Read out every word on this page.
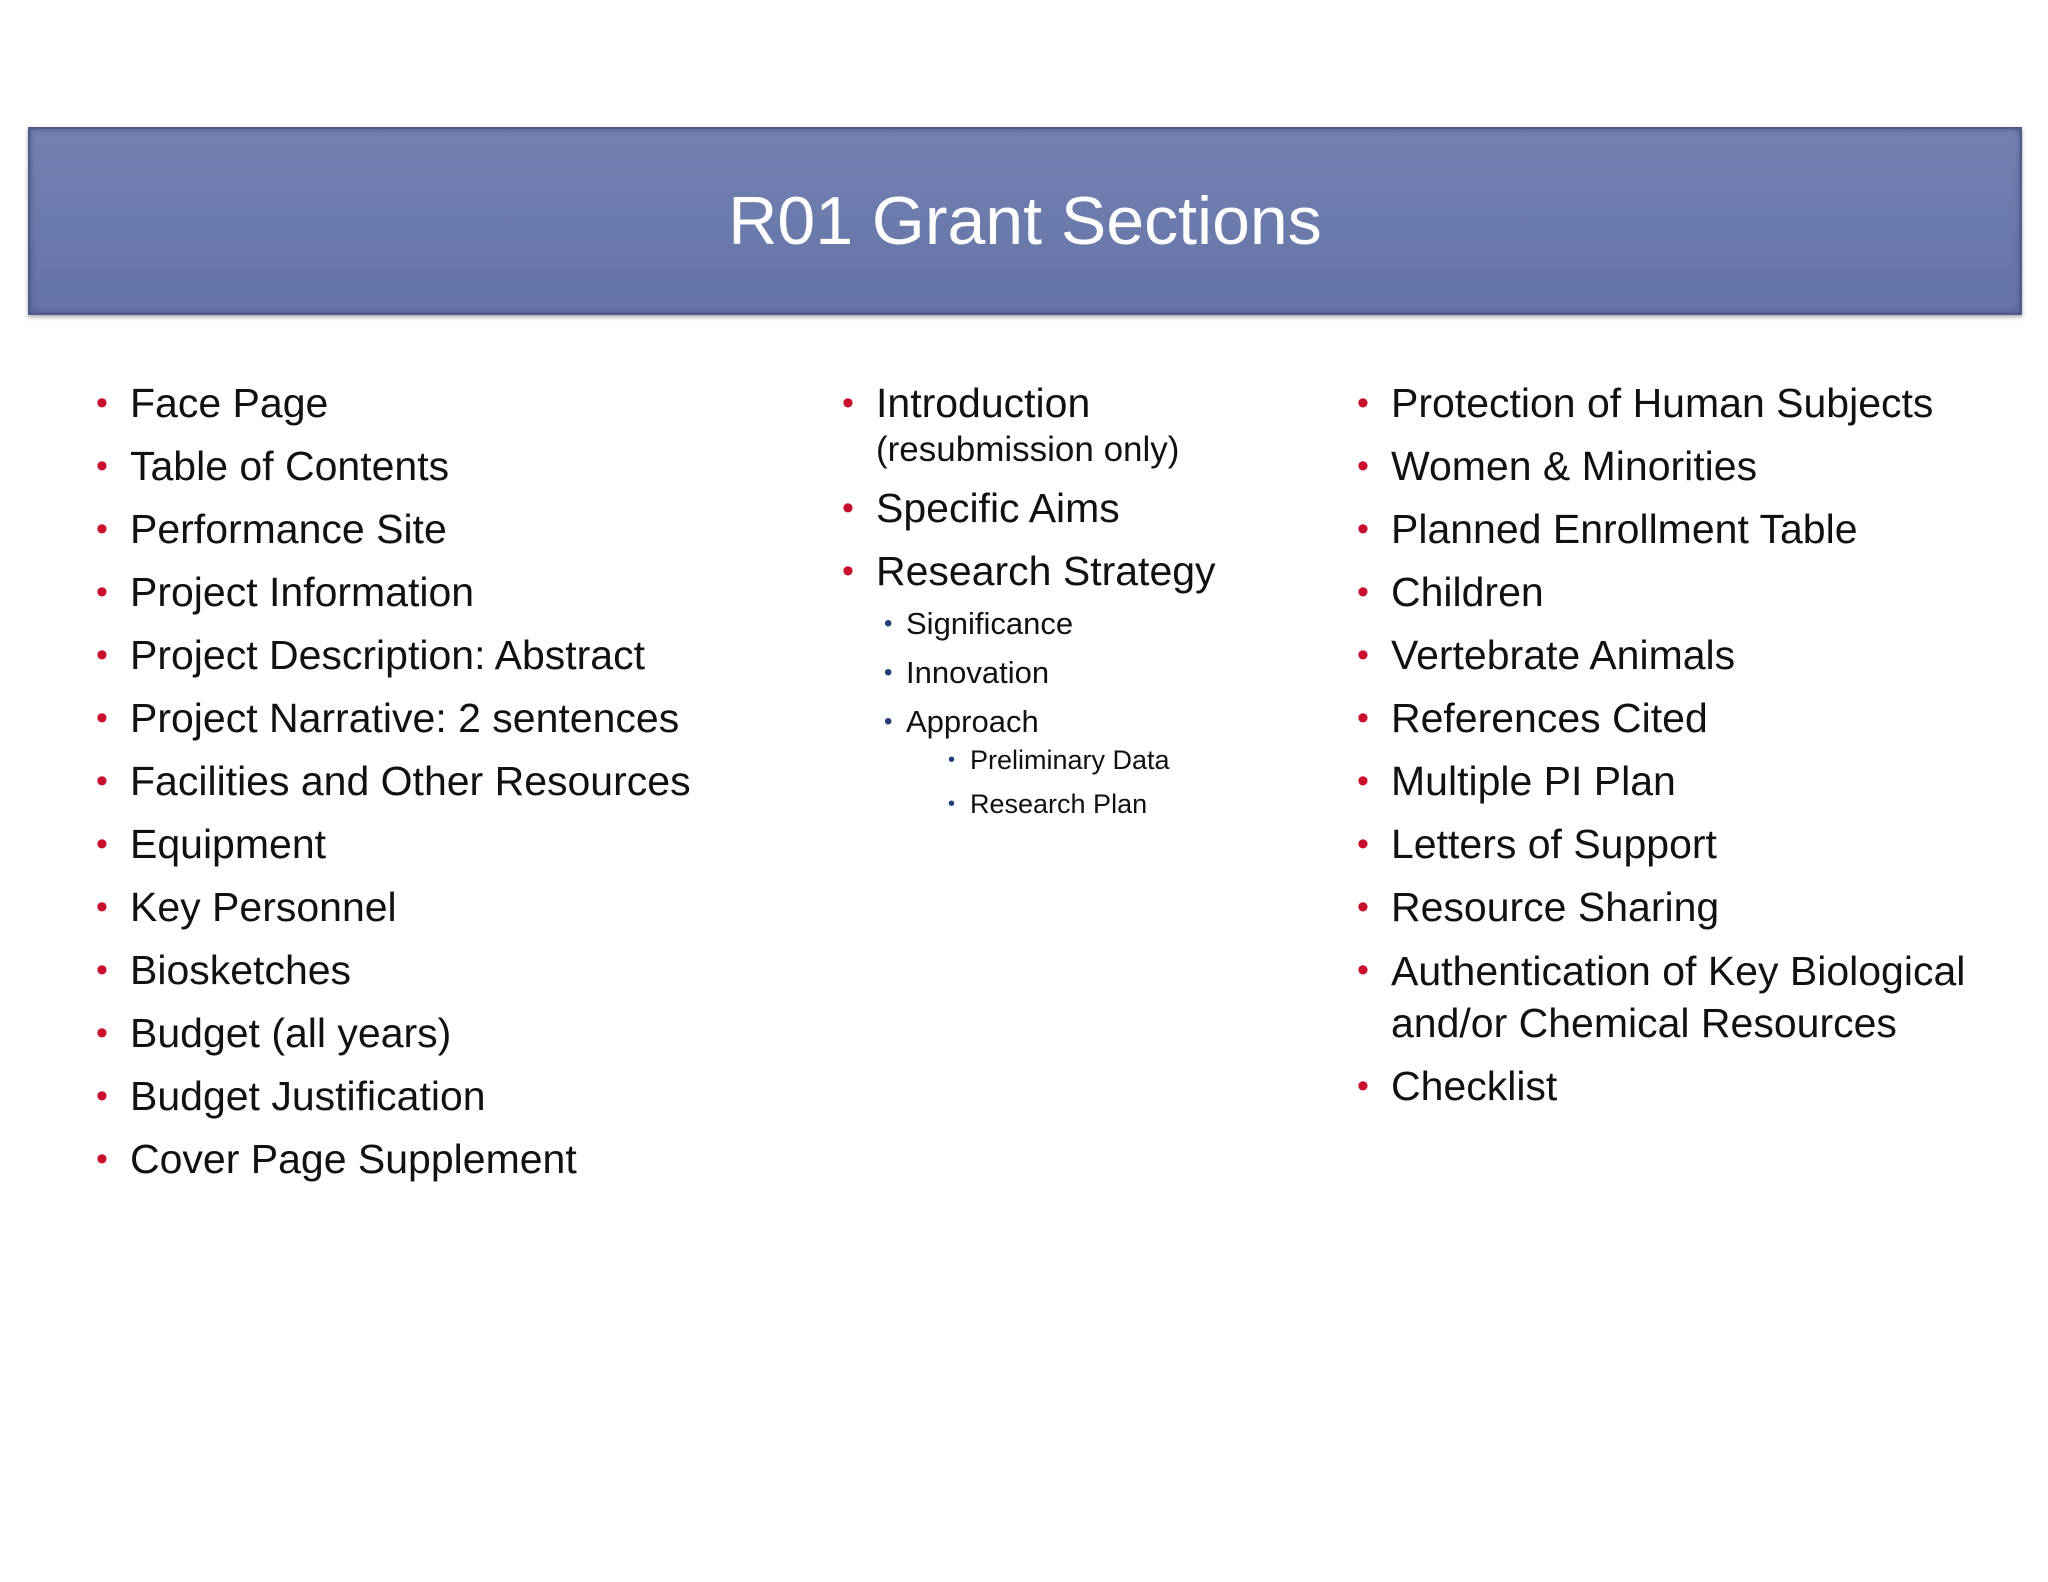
R01 Grant Sections
• Face Page
• Table of Contents
• Performance Site
• Project Information
• Project Description: Abstract
• Project Narrative: 2 sentences
• Facilities and Other Resources
• Equipment
• Key Personnel
• Biosketches
• Budget (all years)
• Budget Justification
• Cover Page Supplement
• Introduction
(resubmission only)
• Specific Aims
• Research Strategy
• Significance
• Innovation
• Approach
• Preliminary Data
• Research Plan
• Protection of Human Subjects
• Women & Minorities
• Planned Enrollment Table
• Children
• Vertebrate Animals
• References Cited
• Multiple PI Plan
• Letters of Support
• Resource Sharing
• Authentication of Key Biological and/or Chemical Resources
• Checklist
